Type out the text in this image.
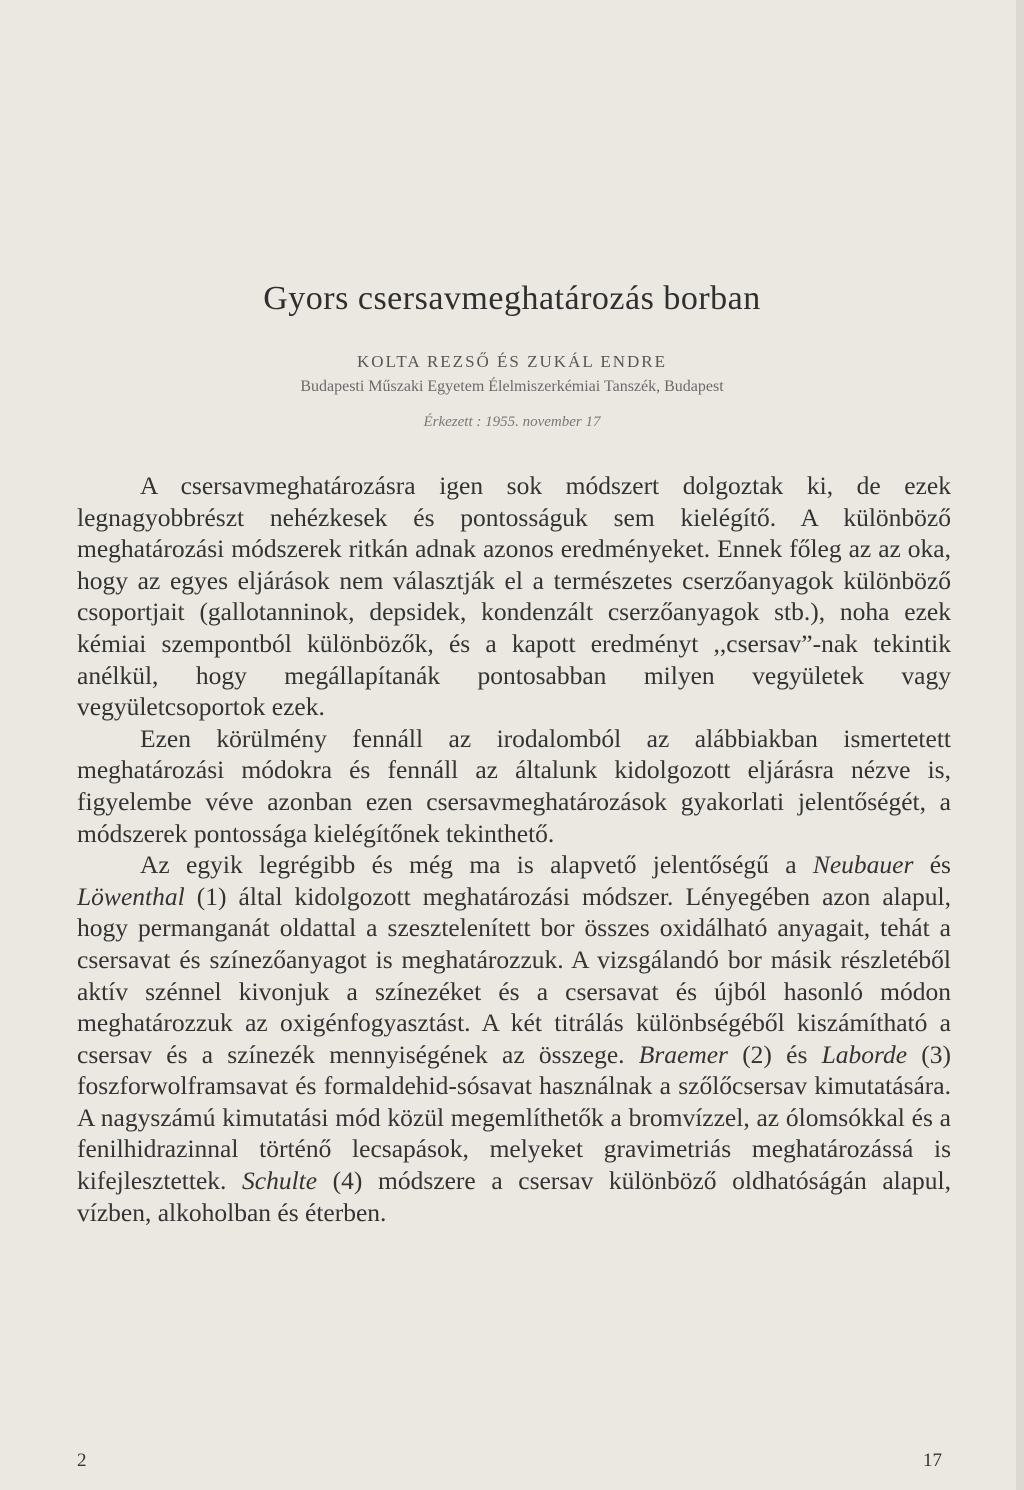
Gyors csersavmeghatározás borban
KOLTA REZSŐ ÉS ZUKÁL ENDRE
Budapesti Műszaki Egyetem Élelmiszerkémiai Tanszék, Budapest
Érkezett : 1955. november 17

A csersavmeghatározásra igen sok módszert dolgoztak ki, de ezek legnagyobbrészt nehézkesek és pontosságuk sem kielégítő. A különböző meghatározási módszerek ritkán adnak azonos eredményeket. Ennek főleg az az oka, hogy az egyes eljárások nem választják el a természetes cserzőanyagok különböző csoportjait (gallotanninok, depsidek, kondenzált cserzőanyagok stb.), noha ezek kémiai szempontból különbözők, és a kapott eredményt ,,csersav”-nak tekintik anélkül, hogy megállapítanák pontosabban milyen vegyületek vagy vegyületcsoportok ezek.

Ezen körülmény fennáll az irodalomból az alábbiakban ismertetett meghatározási módokra és fennáll az általunk kidolgozott eljárásra nézve is, figyelembe véve azonban ezen csersavmeghatározások gyakorlati jelentőségét, a módszerek pontossága kielégítőnek tekinthető.

Az egyik legrégibb és még ma is alapvető jelentőségű a Neubauer és Löwenthal (1) által kidolgozott meghatározási módszer. Lényegében azon alapul, hogy permanganát oldattal a szesztelenített bor összes oxidálható anyagait, tehát a csersavat és színezőanyagot is meghatározzuk. A vizsgálandó bor másik részletéből aktív szénnel kivonjuk a színezéket és a csersavat és újból hasonló módon meghatározzuk az oxigénfogyasztást. A két titrálás különbségéből kiszámítható a csersav és a színezék mennyiségének az összege. Braemer (2) és Laborde (3) foszforwolframsavat és formaldehid-sósavat használnak a szőlőcsersav kimutatására. A nagyszámú kimutatási mód közül megemlíthetők a bromvízzel, az ólomsókkal és a fenilhidrazinnal történő lecsapások, melyeket gravimetriás meghatározássá is kifejlesztettek. Schulte (4) módszere a csersav különböző oldhatóságán alapul, vízben, alkoholban és éterben.

2	17
